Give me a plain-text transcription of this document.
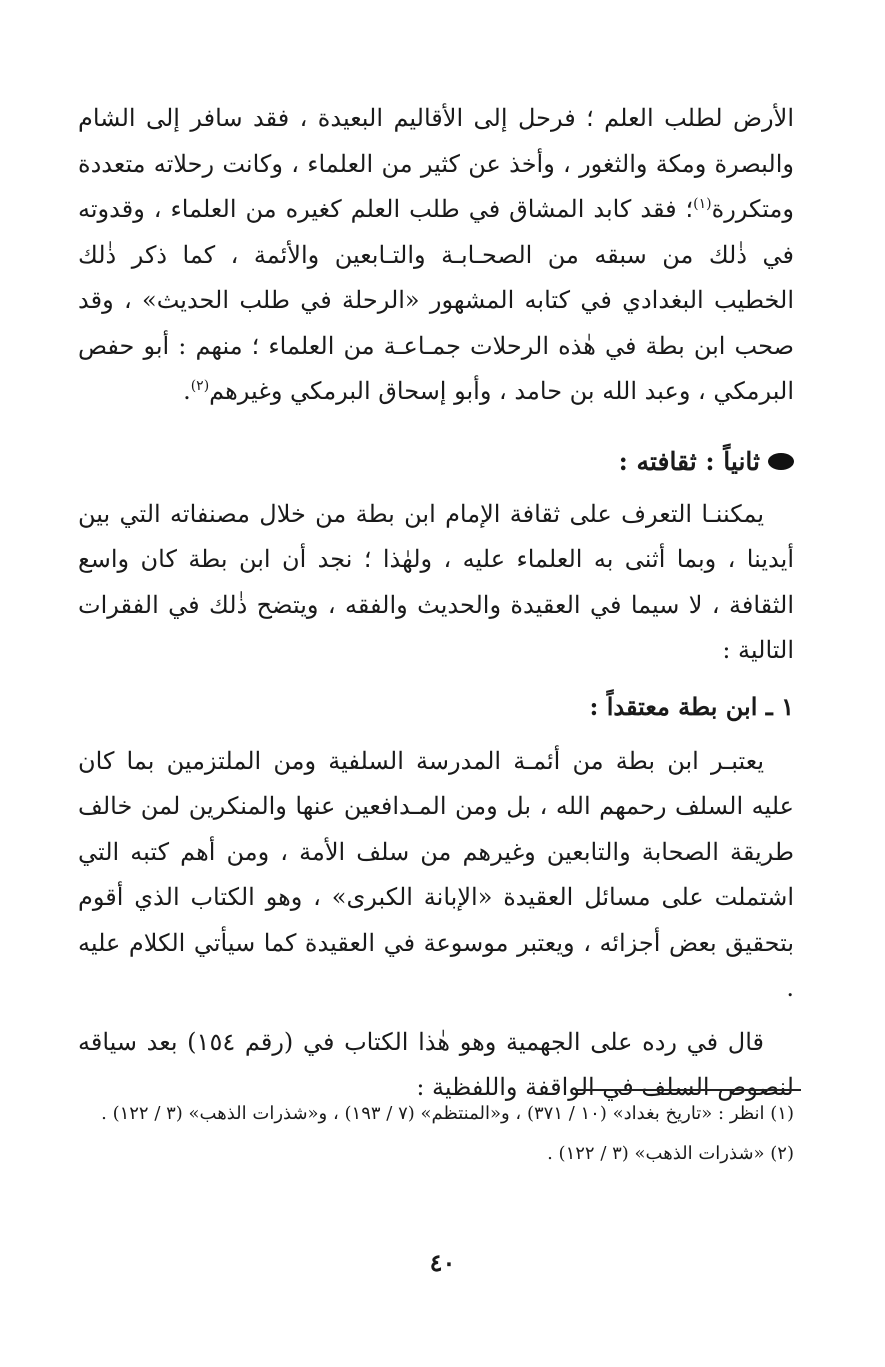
الأرض لطلب العلم ؛ فرحل إلى الأقاليم البعيدة ، فقد سافر إلى الشام والبصرة ومكة والثغور ، وأخذ عن كثير من العلماء ، وكانت رحلاته متعددة ومتكررة$^{(١)}$؛ فقد كابد المشاق في طلب العلم كغيره من العلماء ، وقدوته في ذٰلك من سبقه من الصحـابـة والتـابعين والأئمة ، كما ذكر ذٰلك الخطيب البغدادي في كتابه المشهور «الرحلة في طلب الحديث» ، وقد صحب ابن بطة في هٰذه الرحلات جمـاعـة من العلماء ؛ منهم : أبو حفص البرمكي ، وعبد الله بن حامد ، وأبو إسحاق البرمكي وغيرهم$^{(٢)}$.

ثانياً : ثقافته :

يمكننـا التعرف على ثقافة الإمام ابن بطة من خلال مصنفاته التي بين أيدينا ، وبما أثنى به العلماء عليه ، ولهٰذا ؛ نجد أن ابن بطة كان واسع الثقافة ، لا سيما في العقيدة والحديث والفقه ، ويتضح ذٰلك في الفقرات التالية :

١ ـ ابن بطة معتقداً :

يعتبـر ابن بطة من أئمـة المدرسة السلفية ومن الملتزمين بما كان عليه السلف رحمهم الله ، بل ومن المـدافعين عنها والمنكرين لمن خالف طريقة الصحابة والتابعين وغيرهم من سلف الأمة ، ومن أهم كتبه التي اشتملت على مسائل العقيدة «الإبانة الكبرى» ، وهو الكتاب الذي أقوم بتحقيق بعض أجزائه ، ويعتبر موسوعة في العقيدة كما سيأتي الكلام عليه .

قال في رده على الجهمية وهو هٰذا الكتاب في (رقم ١٥٤) بعد سياقه لنصوص السلف في الواقفة واللفظية :

(١) انظر : «تاريخ بغداد» (١٠ / ٣٧١) ، و«المنتظم» (٧ / ١٩٣) ، و«شذرات الذهب» (٣ / ١٢٢) .

(٢) «شذرات الذهب» (٣ / ١٢٢) .

٤٠
